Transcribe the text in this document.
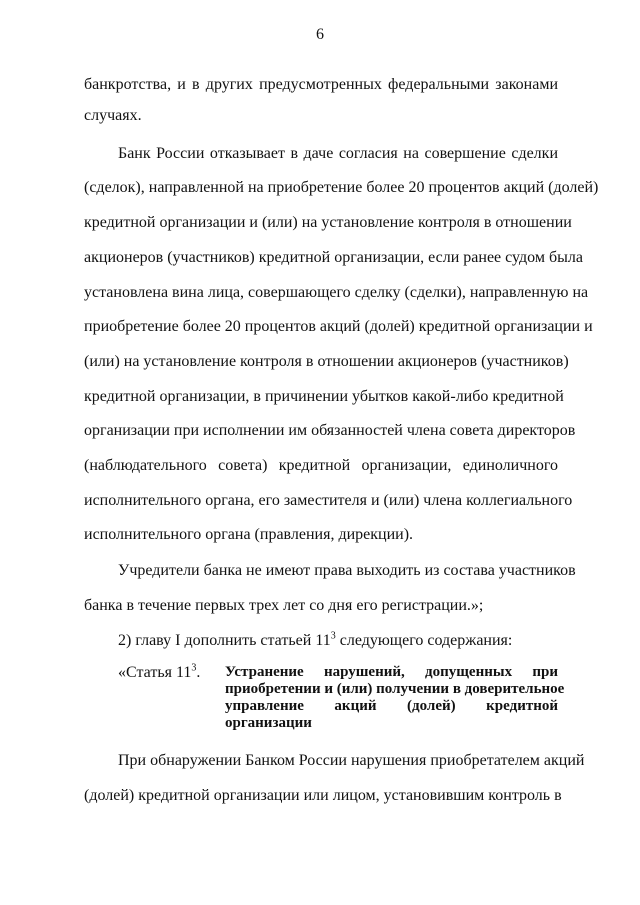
6
банкротства, и в других предусмотренных федеральными законами
случаях.
Банк России отказывает в даче согласия на совершение сделки
(сделок), направленной на приобретение более 20 процентов акций (долей)
кредитной организации и (или) на установление контроля в отношении
акционеров (участников) кредитной организации, если ранее судом была
установлена вина лица, совершающего сделку (сделки), направленную на
приобретение более 20 процентов акций (долей) кредитной организации и
(или) на установление контроля в отношении акционеров (участников)
кредитной организации, в причинении убытков какой-либо кредитной
организации при исполнении им обязанностей члена совета директоров
(наблюдательного совета) кредитной организации, единоличного
исполнительного органа, его заместителя и (или) члена коллегиального
исполнительного органа (правления, дирекции).
Учредители банка не имеют права выходить из состава участников
банка в течение первых трех лет со дня его регистрации.»;
2) главу I дополнить статьей $11^3$ следующего содержания:
«Статья $11^3$. Устранение нарушений, допущенных при
приобретении и (или) получении в доверительное
управление акций (долей) кредитной
организации
При обнаружении Банком России нарушения приобретателем акций
(долей) кредитной организации или лицом, установившим контроль в
